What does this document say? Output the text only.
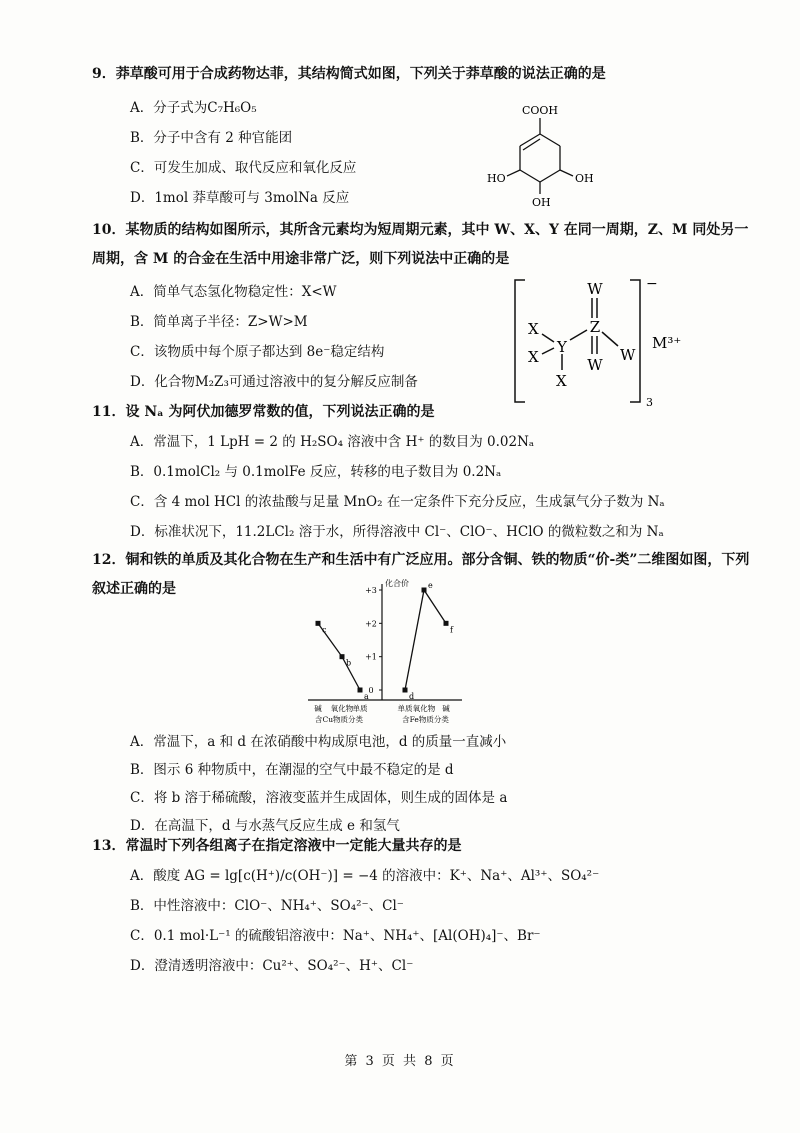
9．莽草酸可用于合成药物达菲，其结构简式如图，下列关于莽草酸的说法正确的是
A．分子式为C₇H₆O₅
B．分子中含有 2 种官能团
C．可发生加成、取代反应和氧化反应
D．1mol 莽草酸可与 3molNa 反应
COOH
HO	OH
OH
10．某物质的结构如图所示，其所含元素均为短周期元素，其中 W、X、Y 在同一周期，Z、M 同处另一
周期，含 M 的合金在生活中用途非常广泛，则下列说法中正确的是
A．简单气态氢化物稳定性：X<W
B．简单离子半径：Z>W>M
C．该物质中每个原子都达到 8e⁻稳定结构
D．化合物M₂Z₃可通过溶液中的复分解反应制备
W
Z
W
W
Y
X
X
X
−
3
M³⁺
11．设 Nₐ 为阿伏加德罗常数的值，下列说法正确的是
A．常温下，1 LpH = 2 的 H₂SO₄ 溶液中含 H⁺ 的数目为 0.02Nₐ
B．0.1molCl₂ 与 0.1molFe 反应，转移的电子数目为 0.2Nₐ
C．含 4 mol HCl 的浓盐酸与足量 MnO₂ 在一定条件下充分反应，生成氯气分子数为 Nₐ
D．标准状况下，11.2LCl₂ 溶于水，所得溶液中 Cl⁻、ClO⁻、HClO 的微粒数之和为 Nₐ
12．铜和铁的单质及其化合物在生产和生活中有广泛应用。部分含铜、铁的物质“价-类”二维图如图，下列
叙述正确的是	化合价
+3
+2
+1
0
碱 氧化物 单质
含Cu物质分类
c
b
a
单质 氧化物 碱
含Fe物质分类
d
e
f
A．常温下，a 和 d 在浓硝酸中构成原电池，d 的质量一直减小
B．图示 6 种物质中，在潮湿的空气中最不稳定的是 d
C．将 b 溶于稀硫酸，溶液变蓝并生成固体，则生成的固体是 a
D．在高温下，d 与水蒸气反应生成 e 和氢气
13．常温时下列各组离子在指定溶液中一定能大量共存的是
A．酸度 AG = lg[c(H⁺)/c(OH⁻)] = −4 的溶液中：K⁺、Na⁺、Al³⁺、SO₄²⁻
B．中性溶液中：ClO⁻、NH₄⁺、SO₄²⁻、Cl⁻
C．0.1 mol·L⁻¹ 的硫酸铝溶液中：Na⁺、NH₄⁺、[Al(OH)₄]⁻、Br⁻
D．澄清透明溶液中：Cu²⁺、SO₄²⁻、H⁺、Cl⁻
第 3 页 共 8 页
